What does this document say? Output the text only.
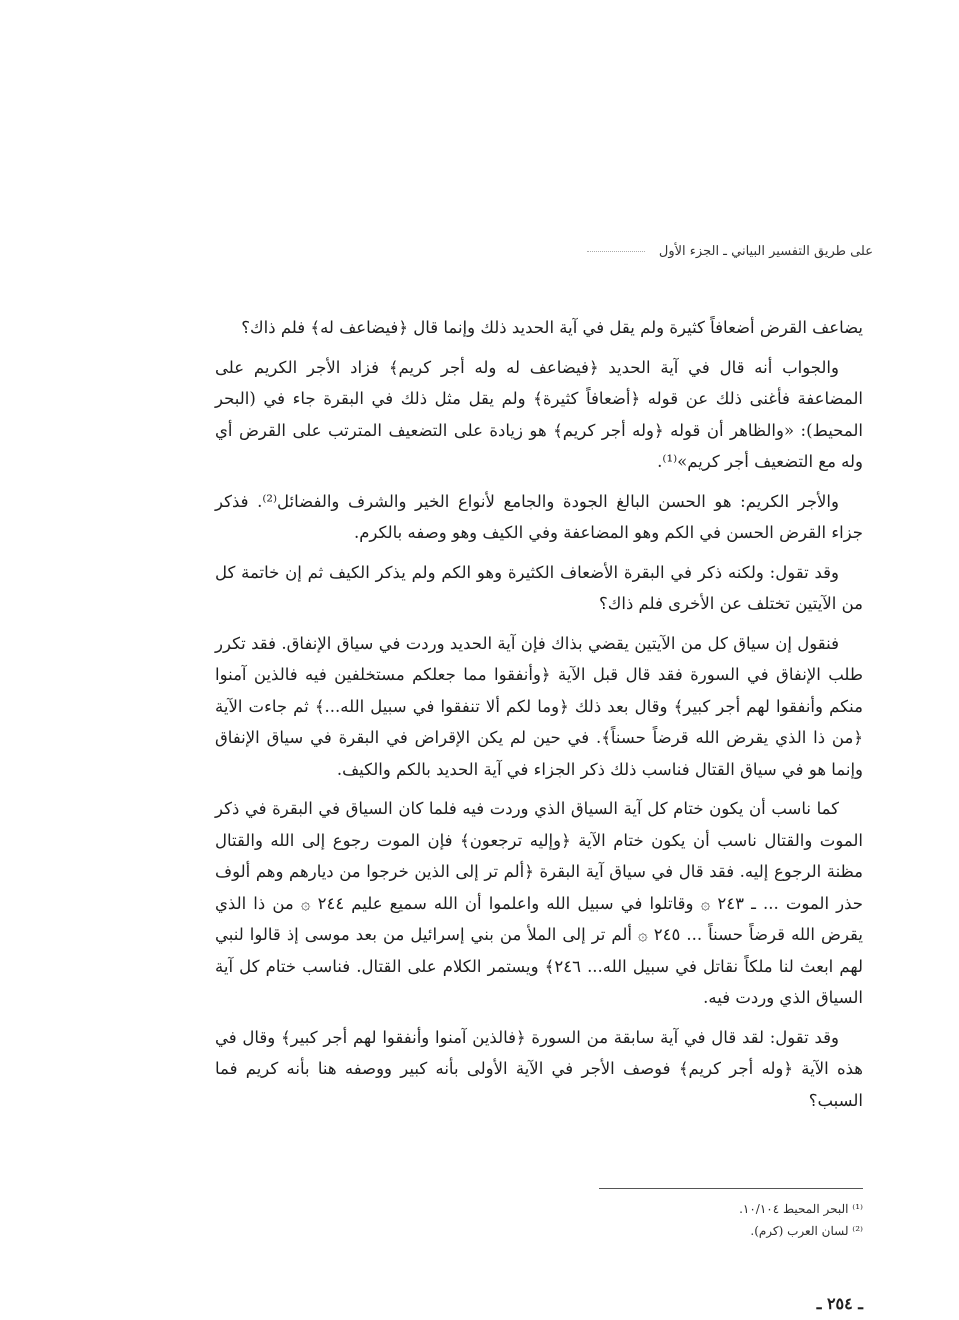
على طريق التفسير البياني ـ الجزء الأول

يضاعف القرض أضعافاً كثيرة ولم يقل في آية الحديد ذلك وإنما قال ﴿فيضاعف له﴾ فلم ذاك؟

والجواب أنه قال في آية الحديد ﴿فيضاعف له وله أجر كريم﴾ فزاد الأجر الكريم على المضاعفة فأغنى ذلك عن قوله ﴿أضعافاً كثيرة﴾ ولم يقل مثل ذلك في البقرة جاء في (البحر المحيط): «والظاهر أن قوله ﴿وله أجر كريم﴾ هو زيادة على التضعيف المترتب على القرض أي وله مع التضعيف أجر كريم»⁽¹⁾.

والأجر الكريم: هو الحسن البالغ الجودة والجامع لأنواع الخير والشرف والفضائل⁽²⁾. فذكر جزاء القرض الحسن في الكم وهو المضاعفة وفي الكيف وهو وصفه بالكرم.

وقد تقول: ولكنه ذكر في البقرة الأضعاف الكثيرة وهو الكم ولم يذكر الكيف ثم إن خاتمة كل من الآيتين تختلف عن الأخرى فلم ذاك؟

فنقول إن سياق كل من الآيتين يقضي بذاك فإن آية الحديد وردت في سياق الإنفاق. فقد تكرر طلب الإنفاق في السورة فقد قال قبل الآية ﴿وأنفقوا مما جعلكم مستخلفين فيه فالذين آمنوا منكم وأنفقوا لهم أجر كبير﴾ وقال بعد ذلك ﴿وما لكم ألا تنفقوا في سبيل الله...﴾ ثم جاءت الآية ﴿من ذا الذي يقرض الله قرضاً حسناً﴾. في حين لم يكن الإقراض في البقرة في سياق الإنفاق وإنما هو في سياق القتال فناسب ذلك ذكر الجزاء في آية الحديد بالكم والكيف.

كما ناسب أن يكون ختام كل آية السياق الذي وردت فيه فلما كان السياق في البقرة في ذكر الموت والقتال ناسب أن يكون ختام الآية ﴿وإليه ترجعون﴾ فإن الموت رجوع إلى الله والقتال مظنة الرجوع إليه. فقد قال في سياق آية البقرة ﴿ألم تر إلى الذين خرجوا من ديارهم وهم ألوف حذر الموت ... ـ ٢٤٣ ۞ وقاتلوا في سبيل الله واعلموا أن الله سميع عليم ٢٤٤ ۞ من ذا الذي يقرض الله قرضاً حسناً ... ٢٤٥ ۞ ألم تر إلى الملأ من بني إسرائيل من بعد موسى إذ قالوا لنبي لهم ابعث لنا ملكاً نقاتل في سبيل الله... ٢٤٦﴾ ويستمر الكلام على القتال. فناسب ختام كل آية السياق الذي وردت فيه.

وقد تقول: لقد قال في آية سابقة من السورة ﴿فالذين آمنوا وأنفقوا لهم أجر كبير﴾ وقال في هذه الآية ﴿وله أجر كريم﴾ فوصف الأجر في الآية الأولى بأنه كبير ووصفه هنا بأنه كريم فما السبب؟

⁽¹⁾ البحر المحيط ١٠/١٠٤.
⁽²⁾ لسان العرب (كرم).
ـ ٢٥٤ ـ
